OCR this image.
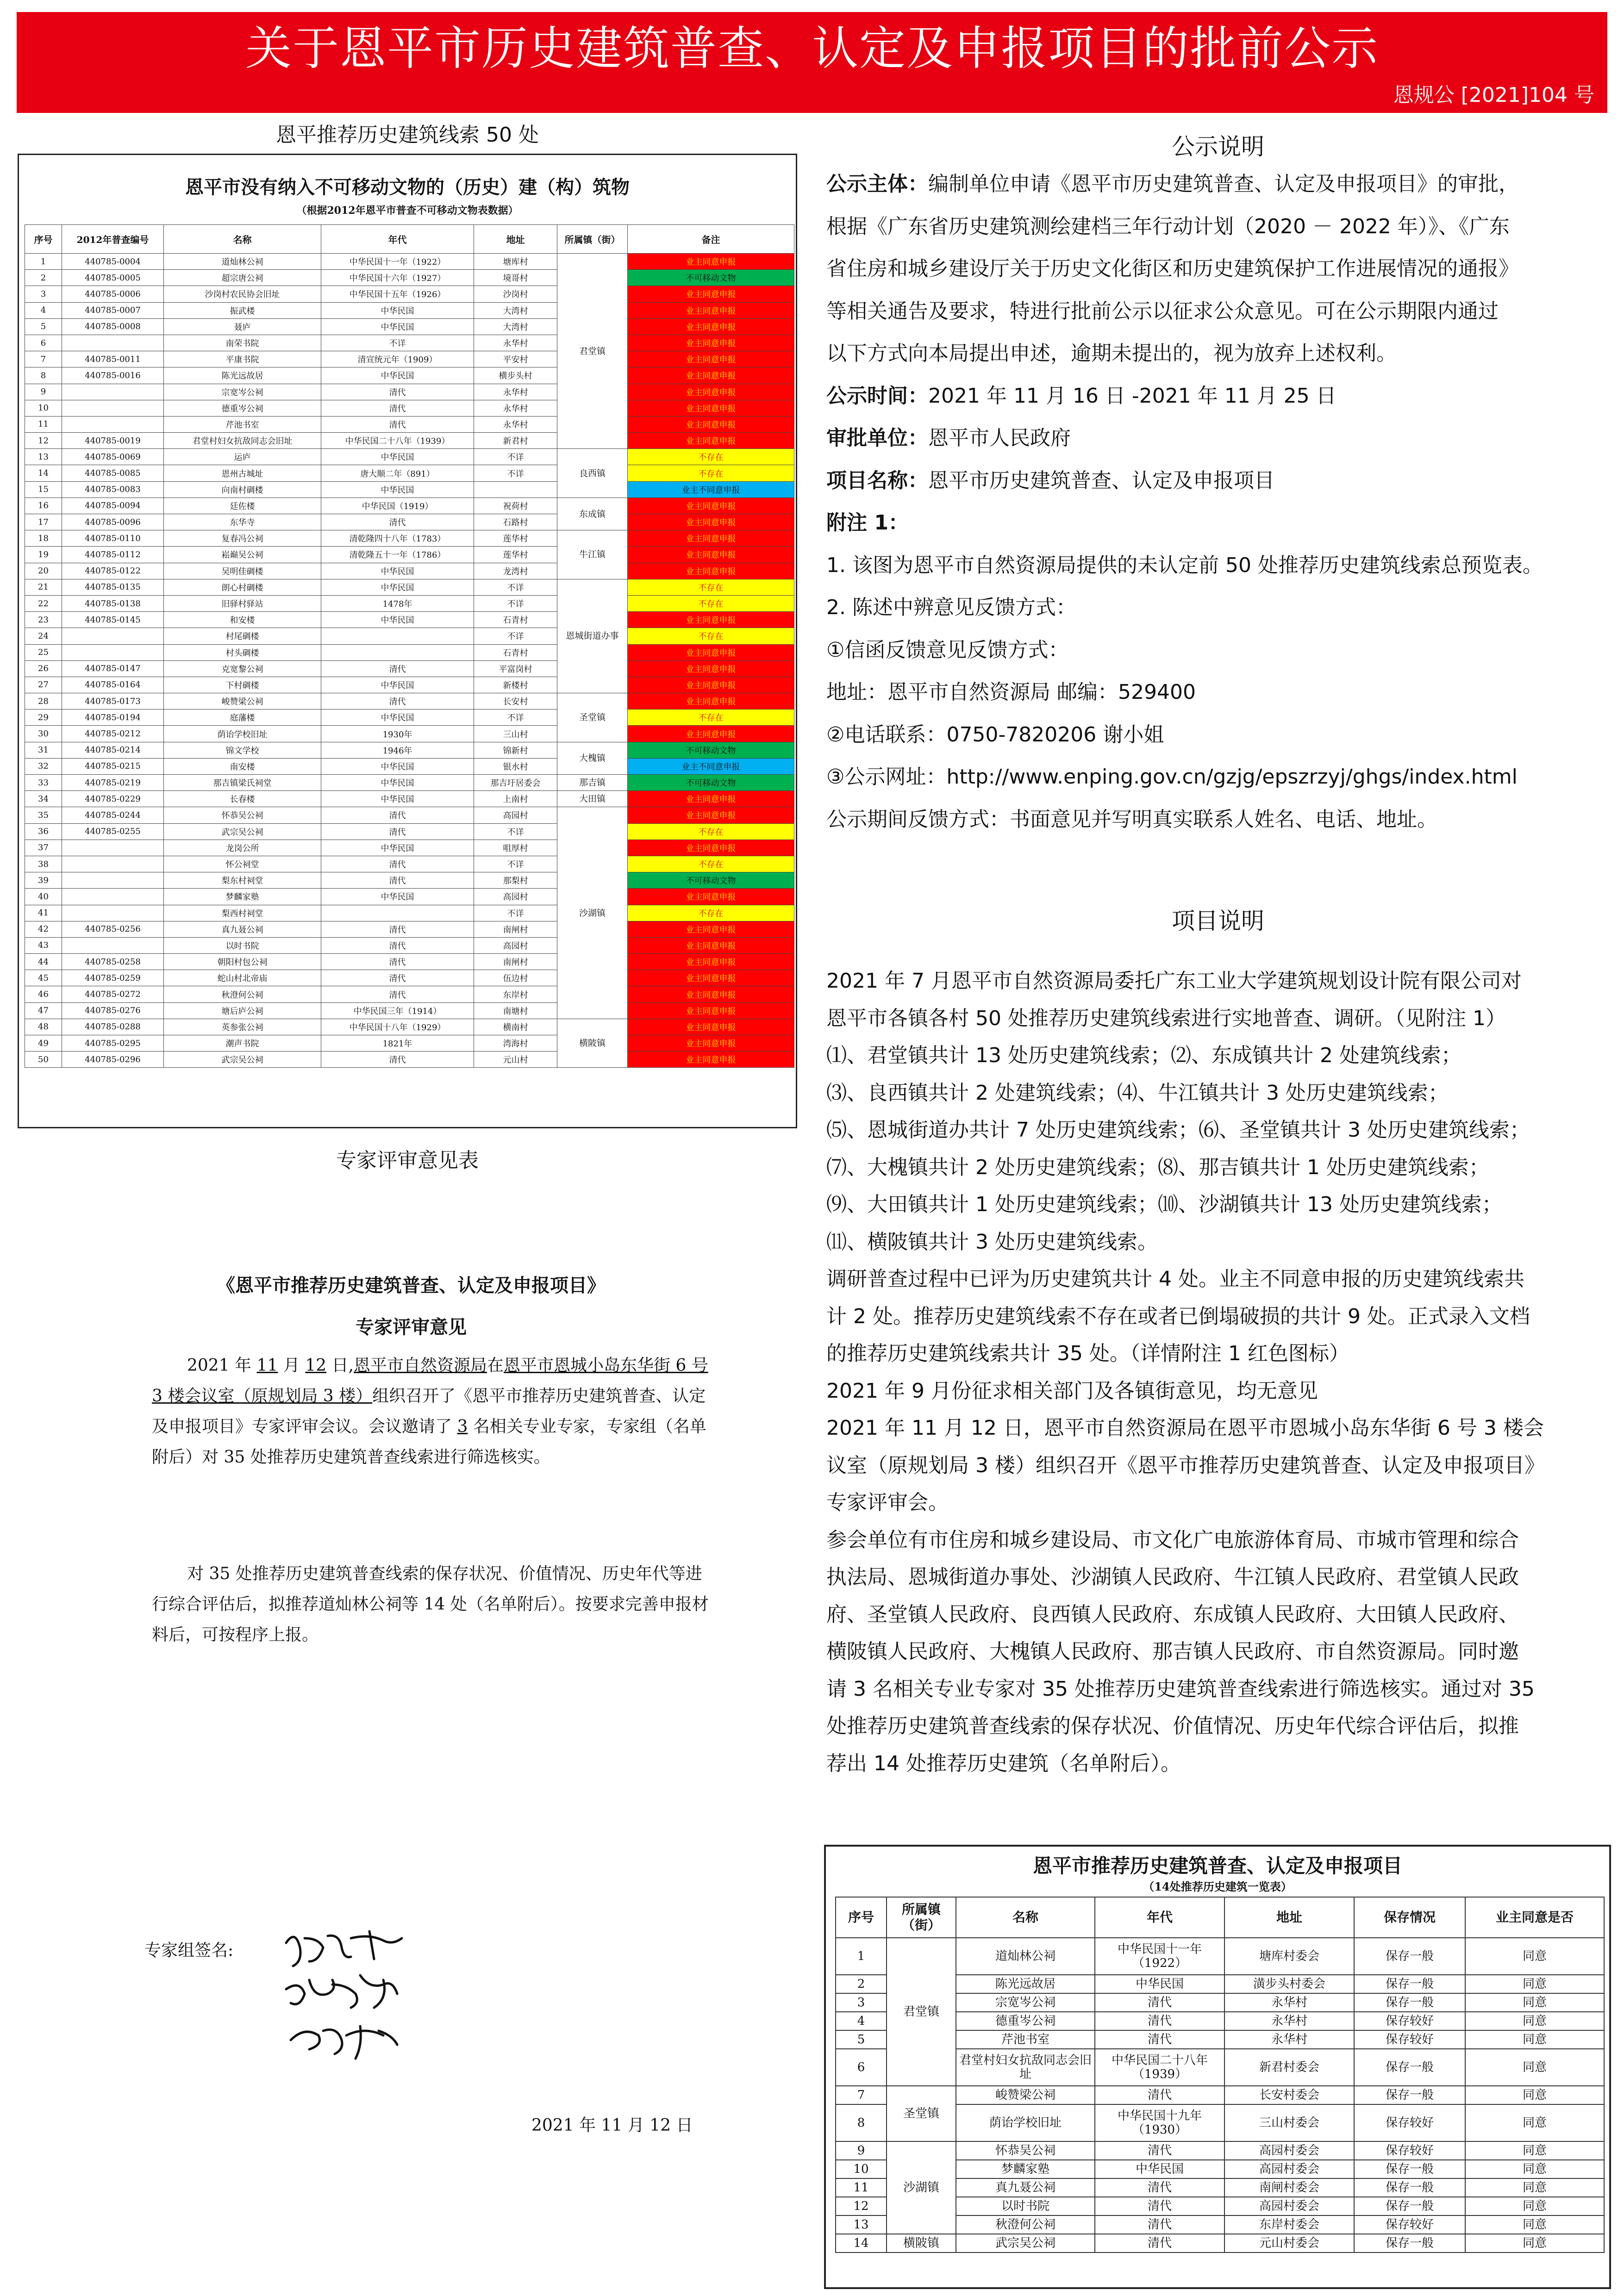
关于恩平市历史建筑普查、认定及申报项目的批前公示
恩规公 [2021]104 号
恩平推荐历史建筑线索 50 处
恩平市没有纳入不可移动文物的（历史）建（构）筑物
（根据2012年恩平市普查不可移动文物表数据）
序号	2012年普查编号	名称	年代	地址	所属镇（街）	备注
1	440785-0004	道灿林公祠	中华民国十一年（1922）	塘库村	君堂镇	业主同意申报
2	440785-0005	超宗唐公祠	中华民国十六年（1927）	境哥村		不可移动文物
3	440785-0006	沙岗村农民协会旧址	中华民国十五年（1926）	沙岗村		业主同意申报
4	440785-0007	振武楼	中华民国	大湾村		业主同意申报
5	440785-0008	聂庐	中华民国	大湾村		业主同意申报
6		南荣书院	不详	永华村		业主同意申报
7	440785-0011	平康书院	清宣统元年（1909）	平安村		业主同意申报
8	440785-0016	陈光远故居	中华民国	横步头村		业主同意申报
9		宗宽岑公祠	清代	永华村		业主同意申报
10		德重岑公祠	清代	永华村		业主同意申报
11		芹池书室	清代	永华村		业主同意申报
12	440785-0019	君堂村妇女抗敌同志会旧址	中华民国二十八年（1939）	新君村		业主同意申报
13	440785-0069	运庐	中华民国	不详	良西镇	不存在
14	440785-0085	恩州古城址	唐大顺二年（891）	不详		不存在
15	440785-0083	向南村碉楼	中华民国			业主不同意申报
16	440785-0094	廷佐楼	中华民国（1919）	祝荷村	东成镇	业主同意申报
17	440785-0096	东华寺	清代	石路村		业主同意申报
18	440785-0110	复春冯公祠	清乾隆四十八年（1783）	莲华村	牛江镇	业主同意申报
19	440785-0112	崧巅吴公祠	清乾隆五十一年（1786）	莲华村		业主同意申报
20	440785-0122	吴明佳碉楼	中华民国	龙湾村		业主同意申报
21	440785-0135	朗心村碉楼	中华民国	不详	恩城街道办事	不存在
22	440785-0138	旧驿村驿站	1478年	不详		不存在
23	440785-0145	和安楼	中华民国	石青村		业主同意申报
24		村尾碉楼		不详		不存在
25		村头碉楼		石青村		业主同意申报
26	440785-0147	克宽黎公祠	清代	平富岗村		业主同意申报
27	440785-0164	下村碉楼	中华民国	新楼村		业主同意申报
28	440785-0173	峻赞梁公祠	清代	长安村	圣堂镇	业主同意申报
29	440785-0194	庭藩楼	中华民国	不详		不存在
30	440785-0212	荫诒学校旧址	1930年	三山村		业主同意申报
31	440785-0214	锦文学校	1946年	锦新村	大槐镇	不可移动文物
32	440785-0215	南安楼	中华民国	银水村		业主不同意申报
33	440785-0219	那吉镇梁氏祠堂	中华民国	那吉圩居委会	那吉镇	不可移动文物
34	440785-0229	长春楼	中华民国	上南村	大田镇	业主同意申报
35	440785-0244	怀恭吴公祠	清代	高园村	沙湖镇	业主同意申报
36	440785-0255	武宗吴公祠	清代	不详		不存在
37		龙岗公所	中华民国	咀厚村		业主同意申报
38		怀公祠堂	清代	不详		不存在
39		梨东村祠堂	清代	那梨村		不可移动文物
40		梦麟家塾	中华民国	高园村		业主同意申报
41		梨西村祠堂		不详		不存在
42	440785-0256	真九聂公祠	清代	南闸村		业主同意申报
43		以时书院	清代	高园村		业主同意申报
44	440785-0258	朝阳村包公祠	清代	南闸村		业主同意申报
45	440785-0259	蛇山村北帝庙	清代	伍边村		业主同意申报
46	440785-0272	秋澄何公祠	清代	东岸村		业主同意申报
47	440785-0276	塘后庐公祠	中华民国三年（1914）	南塘村		业主同意申报
48	440785-0288	英参张公祠	中华民国十八年（1929）	横南村	横陂镇	业主同意申报
49	440785-0295	潮声书院	1821年	湾海村		业主同意申报
50	440785-0296	武宗吴公祠	清代	元山村		业主同意申报
专家评审意见表
《恩平市推荐历史建筑普查、认定及申报项目》
专家评审意见
2021 年 11 月 12 日,恩平市自然资源局在恩平市恩城小岛东华街 6 号 3 楼会议室（原规划局 3 楼）组织召开了《恩平市推荐历史建筑普查、认定及申报项目》专家评审会议。会议邀请了 3 名相关专业专家，专家组（名单附后）对 35 处推荐历史建筑普查线索进行筛选核实。
对 35 处推荐历史建筑普查线索的保存状况、价值情况、历史年代等进行综合评估后，拟推荐道灿林公祠等 14 处（名单附后）。按要求完善申报材料后，可按程序上报。
专家组签名:
2021 年 11 月 12 日
公示说明
公示主体：编制单位申请《恩平市历史建筑普查、认定及申报项目》的审批，
根据《广东省历史建筑测绘建档三年行动计划（2020 － 2022 年）》、《广东
省住房和城乡建设厅关于历史文化街区和历史建筑保护工作进展情况的通报》
等相关通告及要求，特进行批前公示以征求公众意见。可在公示期限内通过
以下方式向本局提出申述，逾期未提出的，视为放弃上述权利。
公示时间：2021 年 11 月 16 日 -2021 年 11 月 25 日
审批单位：恩平市人民政府
项目名称：恩平市历史建筑普查、认定及申报项目
附注 1：
1. 该图为恩平市自然资源局提供的未认定前 50 处推荐历史建筑线索总预览表。
2. 陈述中辨意见反馈方式：
①信函反馈意见反馈方式：
地址：恩平市自然资源局 邮编：529400
②电话联系：0750-7820206 谢小姐
③公示网址：http://www.enping.gov.cn/gzjg/epszrzyj/ghgs/index.html
公示期间反馈方式：书面意见并写明真实联系人姓名、电话、地址。
项目说明
2021 年 7 月恩平市自然资源局委托广东工业大学建筑规划设计院有限公司对
恩平市各镇各村 50 处推荐历史建筑线索进行实地普查、调研。（见附注 1）
⑴、君堂镇共计 13 处历史建筑线索；⑵、东成镇共计 2 处建筑线索；
⑶、良西镇共计 2 处建筑线索；⑷、牛江镇共计 3 处历史建筑线索；
⑸、恩城街道办共计 7 处历史建筑线索；⑹、圣堂镇共计 3 处历史建筑线索；
⑺、大槐镇共计 2 处历史建筑线索；⑻、那吉镇共计 1 处历史建筑线索；
⑼、大田镇共计 1 处历史建筑线索；⑽、沙湖镇共计 13 处历史建筑线索；
⑾、横陂镇共计 3 处历史建筑线索。
调研普查过程中已评为历史建筑共计 4 处。业主不同意申报的历史建筑线索共
计 2 处。推荐历史建筑线索不存在或者已倒塌破损的共计 9 处。正式录入文档
的推荐历史建筑线索共计 35 处。（详情附注 1 红色图标）
2021 年 9 月份征求相关部门及各镇街意见，均无意见
2021 年 11 月 12 日，恩平市自然资源局在恩平市恩城小岛东华街 6 号 3 楼会
议室（原规划局 3 楼）组织召开《恩平市推荐历史建筑普查、认定及申报项目》
专家评审会。
参会单位有市住房和城乡建设局、市文化广电旅游体育局、市城市管理和综合
执法局、恩城街道办事处、沙湖镇人民政府、牛江镇人民政府、君堂镇人民政
府、圣堂镇人民政府、良西镇人民政府、东成镇人民政府、大田镇人民政府、
横陂镇人民政府、大槐镇人民政府、那吉镇人民政府、市自然资源局。同时邀
请 3 名相关专业专家对 35 处推荐历史建筑普查线索进行筛选核实。通过对 35
处推荐历史建筑普查线索的保存状况、价值情况、历史年代综合评估后，拟推
荐出 14 处推荐历史建筑（名单附后）。
恩平市推荐历史建筑普查、认定及申报项目
（14处推荐历史建筑一览表）
序号	所属镇（街）	名称	年代	地址	保存情况	业主同意是否
1	君堂镇	道灿林公祠	中华民国十一年（1922）	塘库村委会	保存一般	同意
2		陈光远故居	中华民国	潢步头村委会	保存一般	同意
3		宗宽岑公祠	清代	永华村	保存一般	同意
4		德重岑公祠	清代	永华村	保存较好	同意
5		芹池书室	清代	永华村	保存较好	同意
6		君堂村妇女抗敌同志会旧址	中华民国二十八年（1939）	新君村委会	保存一般	同意
7	圣堂镇	峻赞梁公祠	清代	长安村委会	保存一般	同意
8		荫诒学校旧址	中华民国十九年（1930）	三山村委会	保存较好	同意
9	沙湖镇	怀恭吴公祠	清代	高园村委会	保存较好	同意
10		梦麟家塾	中华民国	高园村委会	保存一般	同意
11		真九聂公祠	清代	南闸村委会	保存一般	同意
12		以时书院	清代	高园村委会	保存一般	同意
13		秋澄何公祠	清代	东岸村委会	保存较好	同意
14	横陂镇	武宗吴公祠	清代	元山村委会	保存一般	同意
